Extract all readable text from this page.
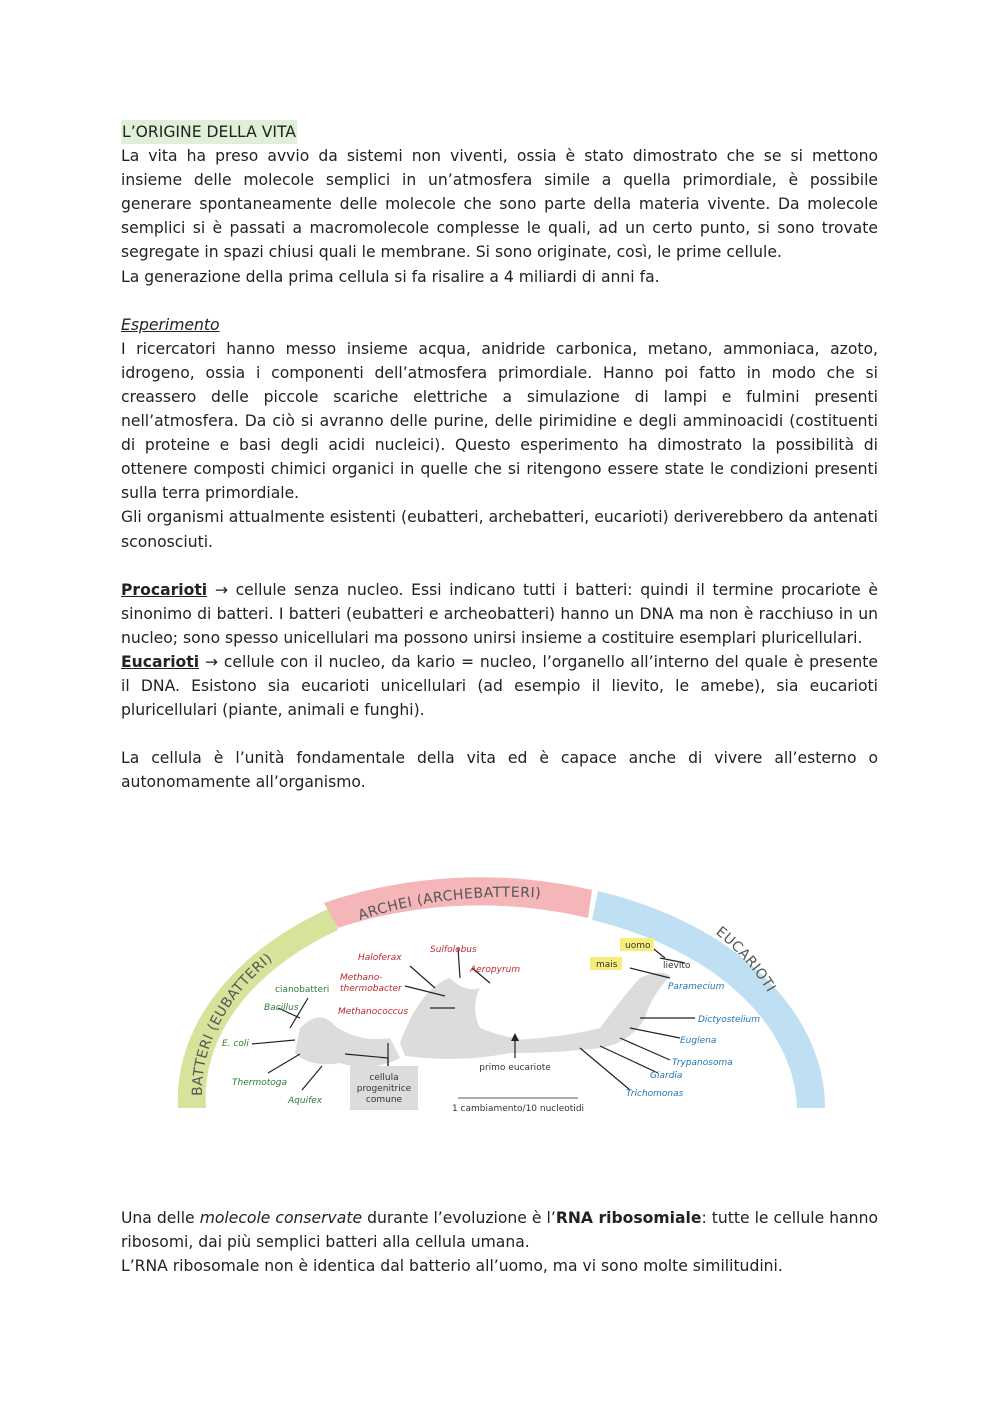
L’ORIGINE DELLA VITA

La vita ha preso avvio da sistemi non viventi, ossia è stato dimostrato che se si mettono insieme delle molecole semplici in un’atmosfera simile a quella primordiale, è possibile generare spontaneamente delle molecole che sono parte della materia vivente. Da molecole semplici si è passati a macromolecole complesse le quali, ad un certo punto, si sono trovate segregate in spazi chiusi quali le membrane. Si sono originate, così, le prime cellule.

La generazione della prima cellula si fa risalire a 4 miliardi di anni fa.

Esperimento

I ricercatori hanno messo insieme acqua, anidride carbonica, metano, ammoniaca, azoto, idrogeno, ossia i componenti dell’atmosfera primordiale. Hanno poi fatto in modo che si creassero delle piccole scariche elettriche a simulazione di lampi e fulmini presenti nell’atmosfera. Da ciò si avranno delle purine, delle pirimidine e degli amminoacidi (costituenti di proteine e basi degli acidi nucleici). Questo esperimento ha dimostrato la possibilità di ottenere composti chimici organici in quelle che si ritengono essere state le condizioni presenti sulla terra primordiale.

Gli organismi attualmente esistenti (eubatteri, archebatteri, eucarioti) deriverebbero da antenati sconosciuti.

Procarioti → cellule senza nucleo. Essi indicano tutti i batteri: quindi il termine procariote è sinonimo di batteri. I batteri (eubatteri e archeobatteri) hanno un DNA ma non è racchiuso in un nucleo; sono spesso unicellulari ma possono unirsi insieme a costituire esemplari pluricellulari.

Eucarioti → cellule con il nucleo, da kario = nucleo, l’organello all’interno del quale è presente il DNA. Esistono sia eucarioti unicellulari (ad esempio il lievito, le amebe), sia eucarioti pluricellulari (piante, animali e funghi).

La cellula è l’unità fondamentale della vita ed è capace anche di vivere all’esterno o autonomamente all’organismo.

BATTERI (EUBATTERI)
ARCHEI (ARCHEBATTERI)
EUCARIOTI
cellula
progenitrice
comune
primo eucariote
1 cambiamento/10 nucleotidi
cianobatteri
Bacillus
E. coli
Thermotoga
Aquifex
Haloferax
Sulfolobus
Methano-
thermobacter
Aeropyrum
Methanococcus
uomo
mais	lievito
Paramecium
Dictyostelium
Euglena
Trypanosoma
Giardia
Trichomonas

Una delle molecole conservate durante l’evoluzione è l’RNA ribosomiale: tutte le cellule hanno ribosomi, dai più semplici batteri alla cellula umana.

L’RNA ribosomale non è identica dal batterio all’uomo, ma vi sono molte similitudini.
